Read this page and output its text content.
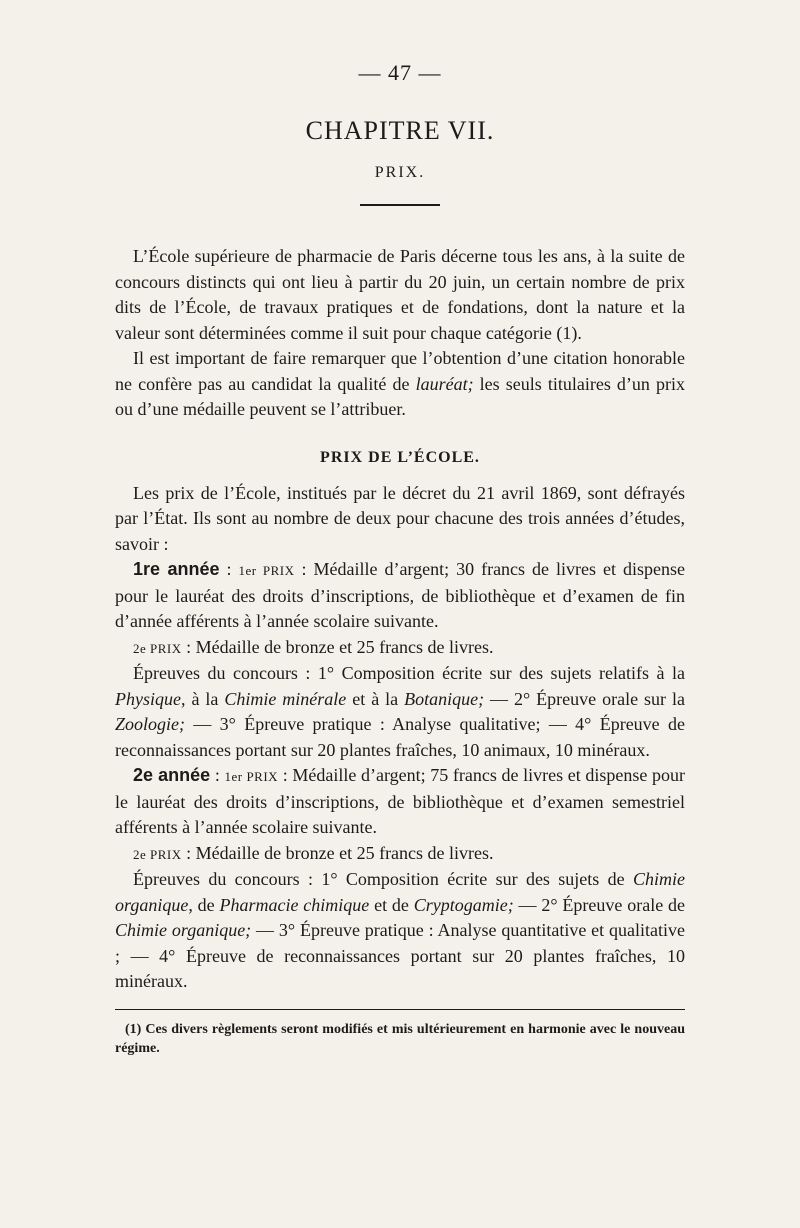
— 47 —
CHAPITRE VII.
PRIX.

L’École supérieure de pharmacie de Paris décerne tous les ans, à la suite de concours distincts qui ont lieu à partir du 20 juin, un certain nombre de prix dits de l’École, de travaux pratiques et de fondations, dont la nature et la valeur sont déterminées comme il suit pour chaque catégorie (1).

Il est important de faire remarquer que l’obtention d’une citation honorable ne confère pas au candidat la qualité de lauréat; les seuls titulaires d’un prix ou d’une médaille peuvent se l’attribuer.

PRIX DE L’ÉCOLE.

Les prix de l’École, institués par le décret du 21 avril 1869, sont défrayés par l’État. Ils sont au nombre de deux pour chacune des trois années d’études, savoir :

1re année : 1er PRIX : Médaille d’argent; 30 francs de livres et dispense pour le lauréat des droits d’inscriptions, de bibliothèque et d’examen de fin d’année afférents à l’année scolaire suivante.

2e PRIX : Médaille de bronze et 25 francs de livres.

Épreuves du concours : 1° Composition écrite sur des sujets relatifs à la Physique, à la Chimie minérale et à la Botanique; — 2° Épreuve orale sur la Zoologie; — 3° Épreuve pratique : Analyse qualitative; — 4° Épreuve de reconnaissances portant sur 20 plantes fraîches, 10 animaux, 10 minéraux.

2e année : 1er PRIX : Médaille d’argent; 75 francs de livres et dispense pour le lauréat des droits d’inscriptions, de bibliothèque et d’examen semestriel afférents à l’année scolaire suivante.

2e PRIX : Médaille de bronze et 25 francs de livres.

Épreuves du concours : 1° Composition écrite sur des sujets de Chimie organique, de Pharmacie chimique et de Cryptogamie; — 2° Épreuve orale de Chimie organique; — 3° Épreuve pratique : Analyse quantitative et qualitative ; — 4° Épreuve de reconnaissances portant sur 20 plantes fraîches, 10 minéraux.

(1) Ces divers règlements seront modifiés et mis ultérieurement en harmonie avec le nouveau régime.
